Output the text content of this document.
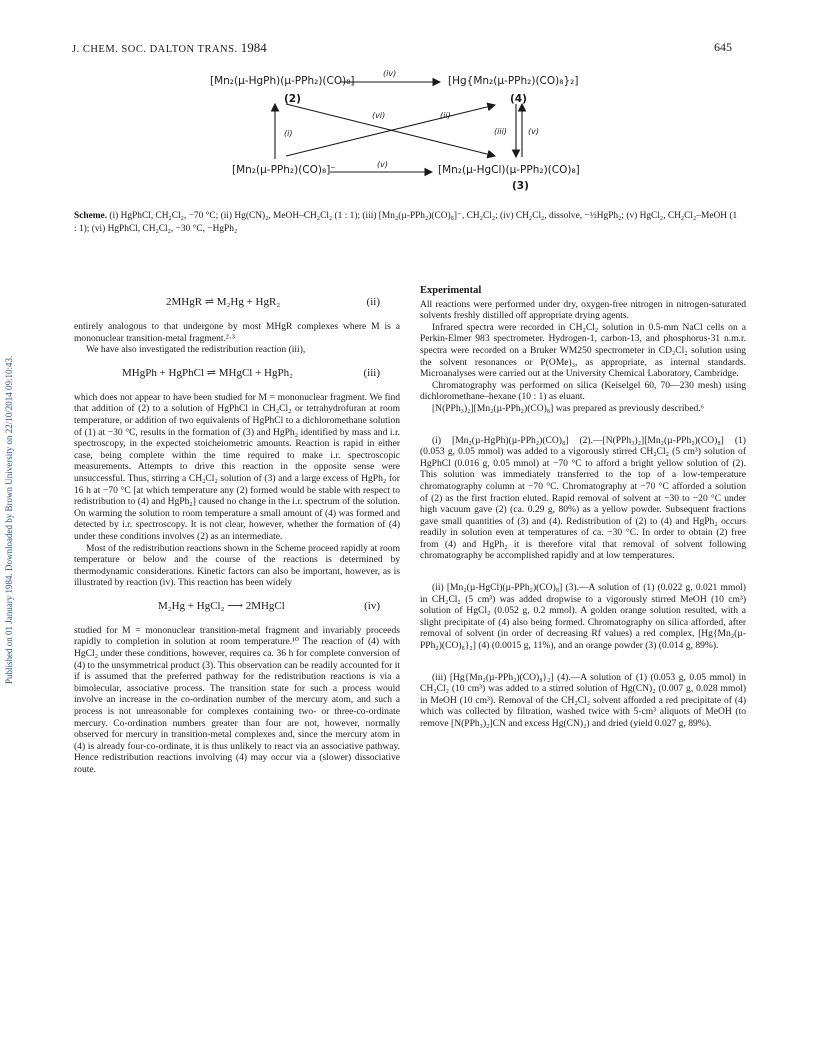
J. CHEM. SOC. DALTON TRANS. 1984	645
Published on 01 January 1984. Downloaded by Brown University on 22/10/2014 09:10:43.
[Mn₂(µ-HgPh)(µ-PPh₂)(CO)₈]	[Hg{Mn₂(µ-PPh₂)(CO)₈}₂]
[Mn₂(µ-PPh₂)(CO)₈]⁻	[Mn₂(µ-HgCl)(µ-PPh₂)(CO)₈]
(2)	(4)
(3)
(iv)
(i)
(vi)	(ii)
(iii)	(v)
(v)
Scheme. (i) HgPhCl, CH₂Cl₂, −70 °C; (ii) Hg(CN)₂, MeOH–CH₂Cl₂ (1 : 1); (iii) [Mn₂(µ-PPh₂)(CO)₈]⁻, CH₂Cl₂; (iv) CH₂Cl₂, dissolve, −½HgPh₂; (v) HgCl₂, CH₂Cl₂–MeOH (1 : 1); (vi) HgPhCl, CH₂Cl₂, −30 °C, −HgPh₂
2MHgR ⇌ M₂Hg + HgR₂	(ii)

entirely analogous to that undergone by most MHgR complexes where M is a mononuclear transition-metal fragment.²·³

We have also investigated the redistribution reaction (iii),

MHgPh + HgPhCl ⇌ MHgCl + HgPh₂	(iii)

which does not appear to have been studied for M = mononuclear fragment. We find that addition of (2) to a solution of HgPhCl in CH₂Cl₂ or tetrahydrofuran at room temperature, or addition of two equivalents of HgPhCl to a dichloromethane solution of (1) at −30 °C, results in the formation of (3) and HgPh₂ identified by mass and i.r. spectroscopy, in the expected stoicheiometric amounts. Reaction is rapid in either case, being complete within the time required to make i.r. spectroscopic measurements. Attempts to drive this reaction in the opposite sense were unsuccessful. Thus, stirring a CH₂Cl₂ solution of (3) and a large excess of HgPh₂ for 16 h at −70 °C [at which temperature any (2) formed would be stable with respect to redistribution to (4) and HgPh₂] caused no change in the i.r. spectrum of the solution. On warming the solution to room temperature a small amount of (4) was formed and detected by i.r. spectroscopy. It is not clear, however, whether the formation of (4) under these conditions involves (2) as an intermediate.

Most of the redistribution reactions shown in the Scheme proceed rapidly at room temperature or below and the course of the reactions is determined by thermodynamic considerations. Kinetic factors can also be important, however, as is illustrated by reaction (iv). This reaction has been widely

M₂Hg + HgCl₂ ⟶ 2MHgCl	(iv)

studied for M = mononuclear transition-metal fragment and invariably proceeds rapidly to completion in solution at room temperature.¹⁰ The reaction of (4) with HgCl₂ under these conditions, however, requires ca. 36 h for complete conversion of (4) to the unsymmetrical product (3). This observation can be readily accounted for it if is assumed that the preferred pathway for the redistribution reactions is via a bimolecular, associative process. The transition state for such a process would involve an increase in the co-ordination number of the mercury atom, and such a process is not unreasonable for complexes containing two- or three-co-ordinate mercury. Co-ordination numbers greater than four are not, however, normally observed for mercury in transition-metal complexes and, since the mercury atom in (4) is already four-co-ordinate, it is thus unlikely to react via an associative pathway. Hence redistribution reactions involving (4) may occur via a (slower) dissociative route.

Experimental

All reactions were performed under dry, oxygen-free nitrogen in nitrogen-saturated solvents freshly distilled off appropriate drying agents.

Infrared spectra were recorded in CH₂Cl₂ solution in 0.5-mm NaCl cells on a Perkin-Elmer 983 spectrometer. Hydrogen-1, carbon-13, and phosphorus-31 n.m.r. spectra were recorded on a Bruker WM250 spectrometer in CD₂Cl₂ solution using the solvent resonances or P(OMe)₃, as appropriate, as internal standards. Microanalyses were carried out at the University Chemical Laboratory, Cambridge.

Chromatography was performed on silica (Keiselgel 60, 70—230 mesh) using dichloromethane–hexane (10 : 1) as eluant.

[N(PPh₃)₂][Mn₂(µ-PPh₂)(CO)₈] was prepared as previously described.⁶

(i) [Mn₂(µ-HgPh)(µ-PPh₂)(CO)₈] (2).—[N(PPh₃)₂][Mn₂(µ-PPh₂)(CO)₈] (1) (0.053 g, 0.05 mmol) was added to a vigorously stirred CH₂Cl₂ (5 cm³) solution of HgPhCl (0.016 g, 0.05 mmol) at −70 °C to afford a bright yellow solution of (2). This solution was immediately transferred to the top of a low-temperature chromatography column at −70 °C. Chromatography at −70 °C afforded a solution of (2) as the first fraction eluted. Rapid removal of solvent at −30 to −20 °C under high vacuum gave (2) (ca. 0.29 g, 80%) as a yellow powder. Subsequent fractions gave small quantities of (3) and (4). Redistribution of (2) to (4) and HgPh₂ occurs readily in solution even at temperatures of ca. −30 °C. In order to obtain (2) free from (4) and HgPh₂ it is therefore vital that removal of solvent following chromatography be accomplished rapidly and at low temperatures.

(ii) [Mn₂(µ-HgCl)(µ-PPh₂)(CO)₈] (3).—A solution of (1) (0.022 g, 0.021 mmol) in CH₂Cl₂ (5 cm³) was added dropwise to a vigorously stirred MeOH (10 cm³) solution of HgCl₂ (0.052 g, 0.2 mmol). A golden orange solution resulted, with a slight precipitate of (4) also being formed. Chromatography on silica afforded, after removal of solvent (in order of decreasing Rf values) a red complex, [Hg{Mn₂(µ-PPh₂)(CO)₈}₂] (4) (0.0015 g, 11%), and an orange powder (3) (0.014 g, 89%).

(iii) [Hg{Mn₂(µ-PPh₂)(CO)₈}₂] (4).—A solution of (1) (0.053 g, 0.05 mmol) in CH₂Cl₂ (10 cm³) was added to a stirred solution of Hg(CN)₂ (0.007 g, 0.028 mmol) in MeOH (10 cm³). Removal of the CH₂Cl₂ solvent afforded a red precipitate of (4) which was collected by filtration, washed twice with 5-cm³ aliquots of MeOH (to remove [N(PPh₃)₂]CN and excess Hg(CN)₂) and dried (yield 0.027 g, 89%).
